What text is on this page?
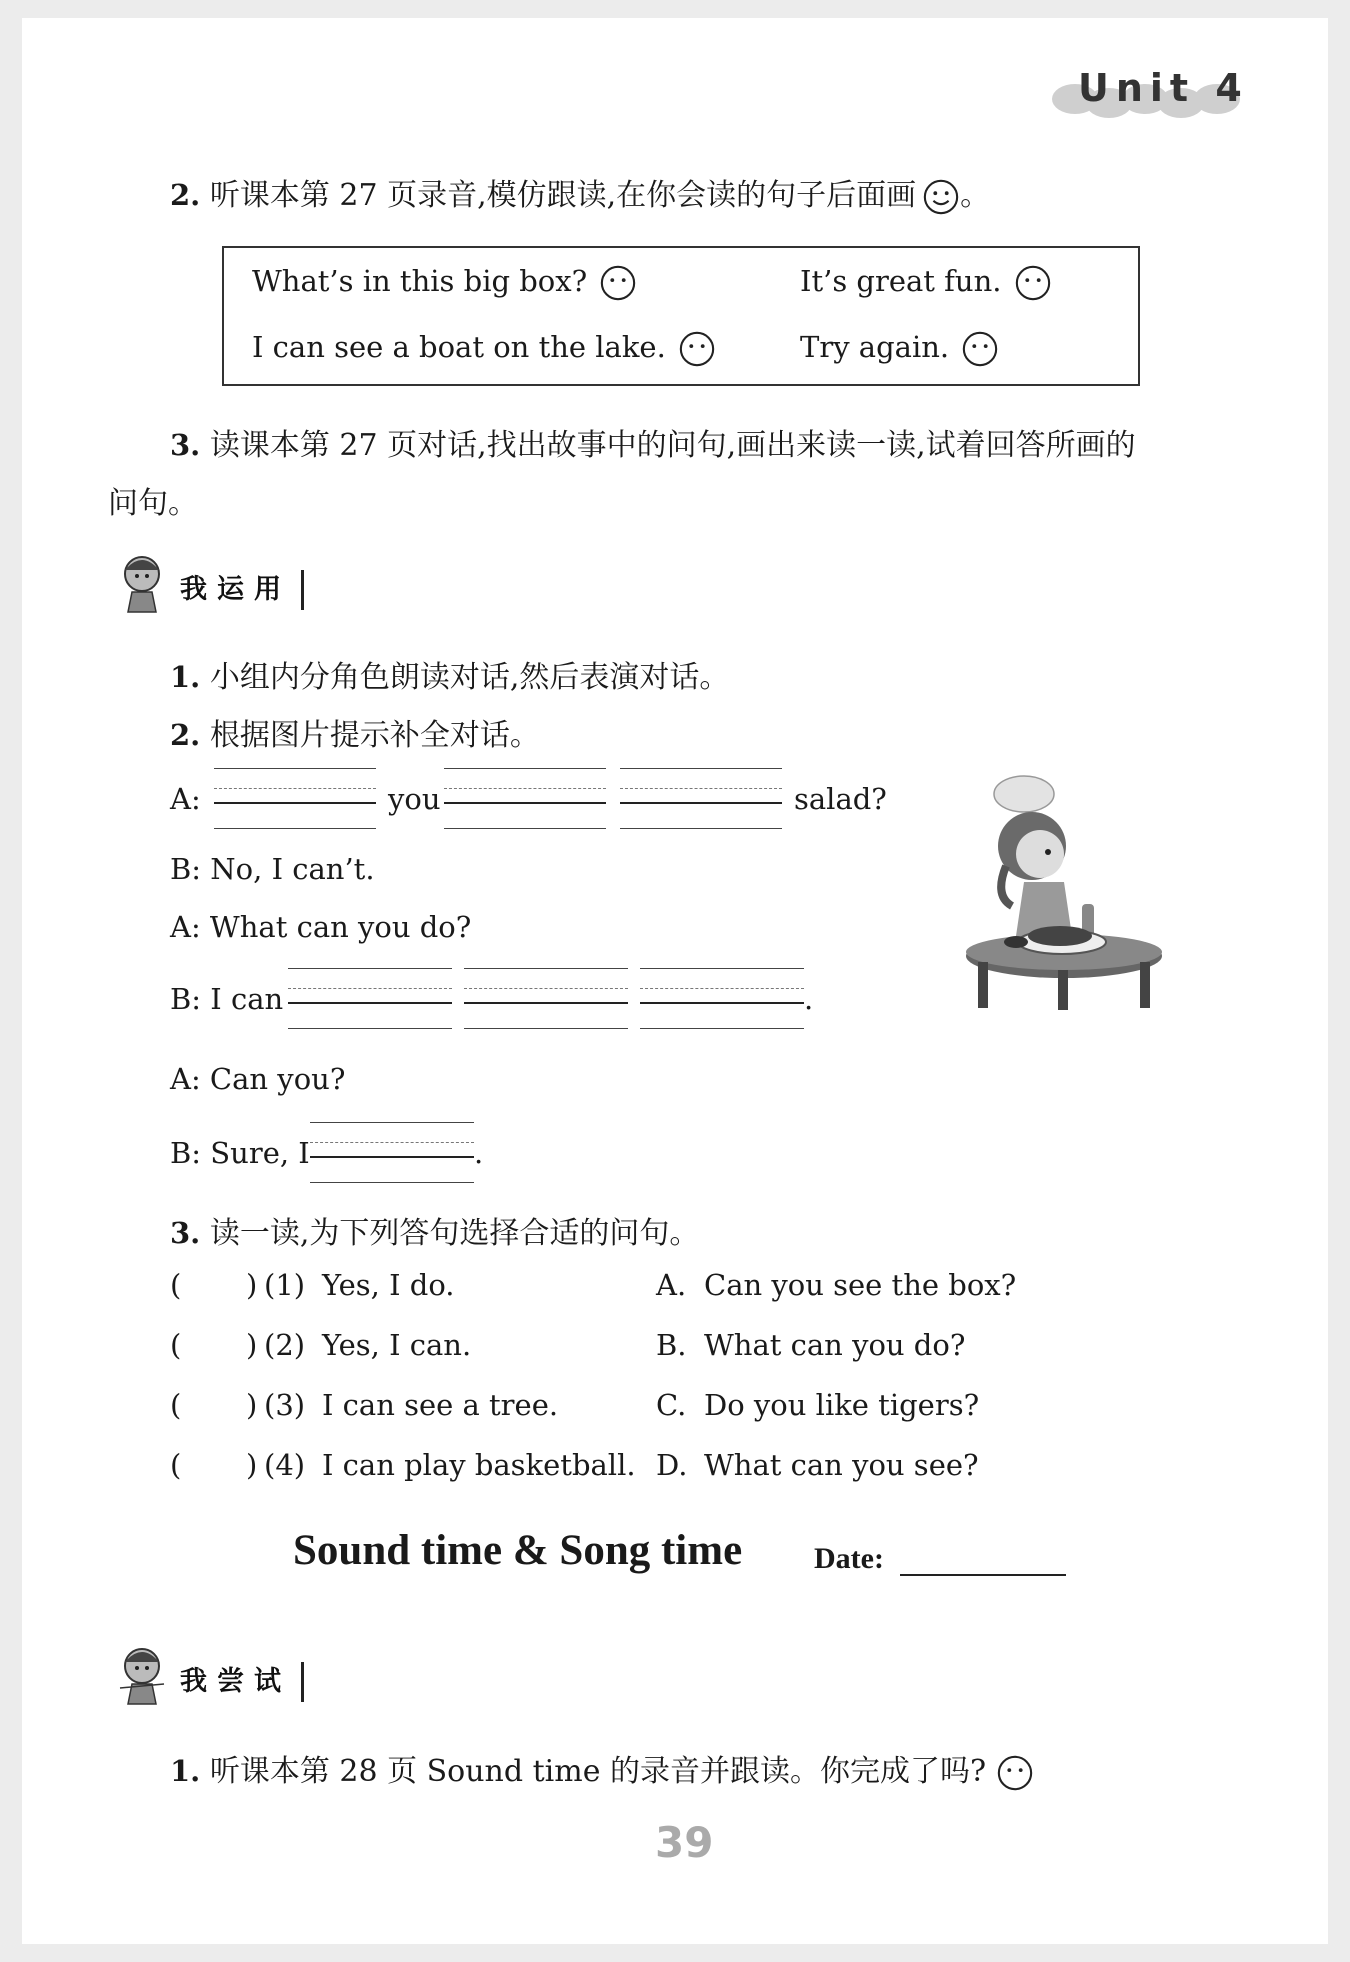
Unit 4
2. 听课本第 27 页录音,模仿跟读,在你会读的句子后面画 。
What’s in this big box?	It’s great fun.
I can see a boat on the lake.	Try again.
3. 读课本第 27 页对话,找出故事中的问句,画出来读一读,试着回答所画的
问句。
我运用
1. 小组内分角色朗读对话,然后表演对话。
2. 根据图片提示补全对话。
A:	you	salad?
B: No, I can’t.
A: What can you do?
B: I can	.
A: Can you?
B: Sure, I	.
3. 读一读,为下列答句选择合适的问句。
( ) (1) Yes, I do.	A. Can you see the box?
( ) (2) Yes, I can.	B. What can you do?
( ) (3) I can see a tree.	C. Do you like tigers?
( ) (4) I can play basketball. D. What can you see?
Sound time & Song time Date:
我尝试
1. 听课本第 28 页 Sound time 的录音并跟读。你完成了吗?
39
